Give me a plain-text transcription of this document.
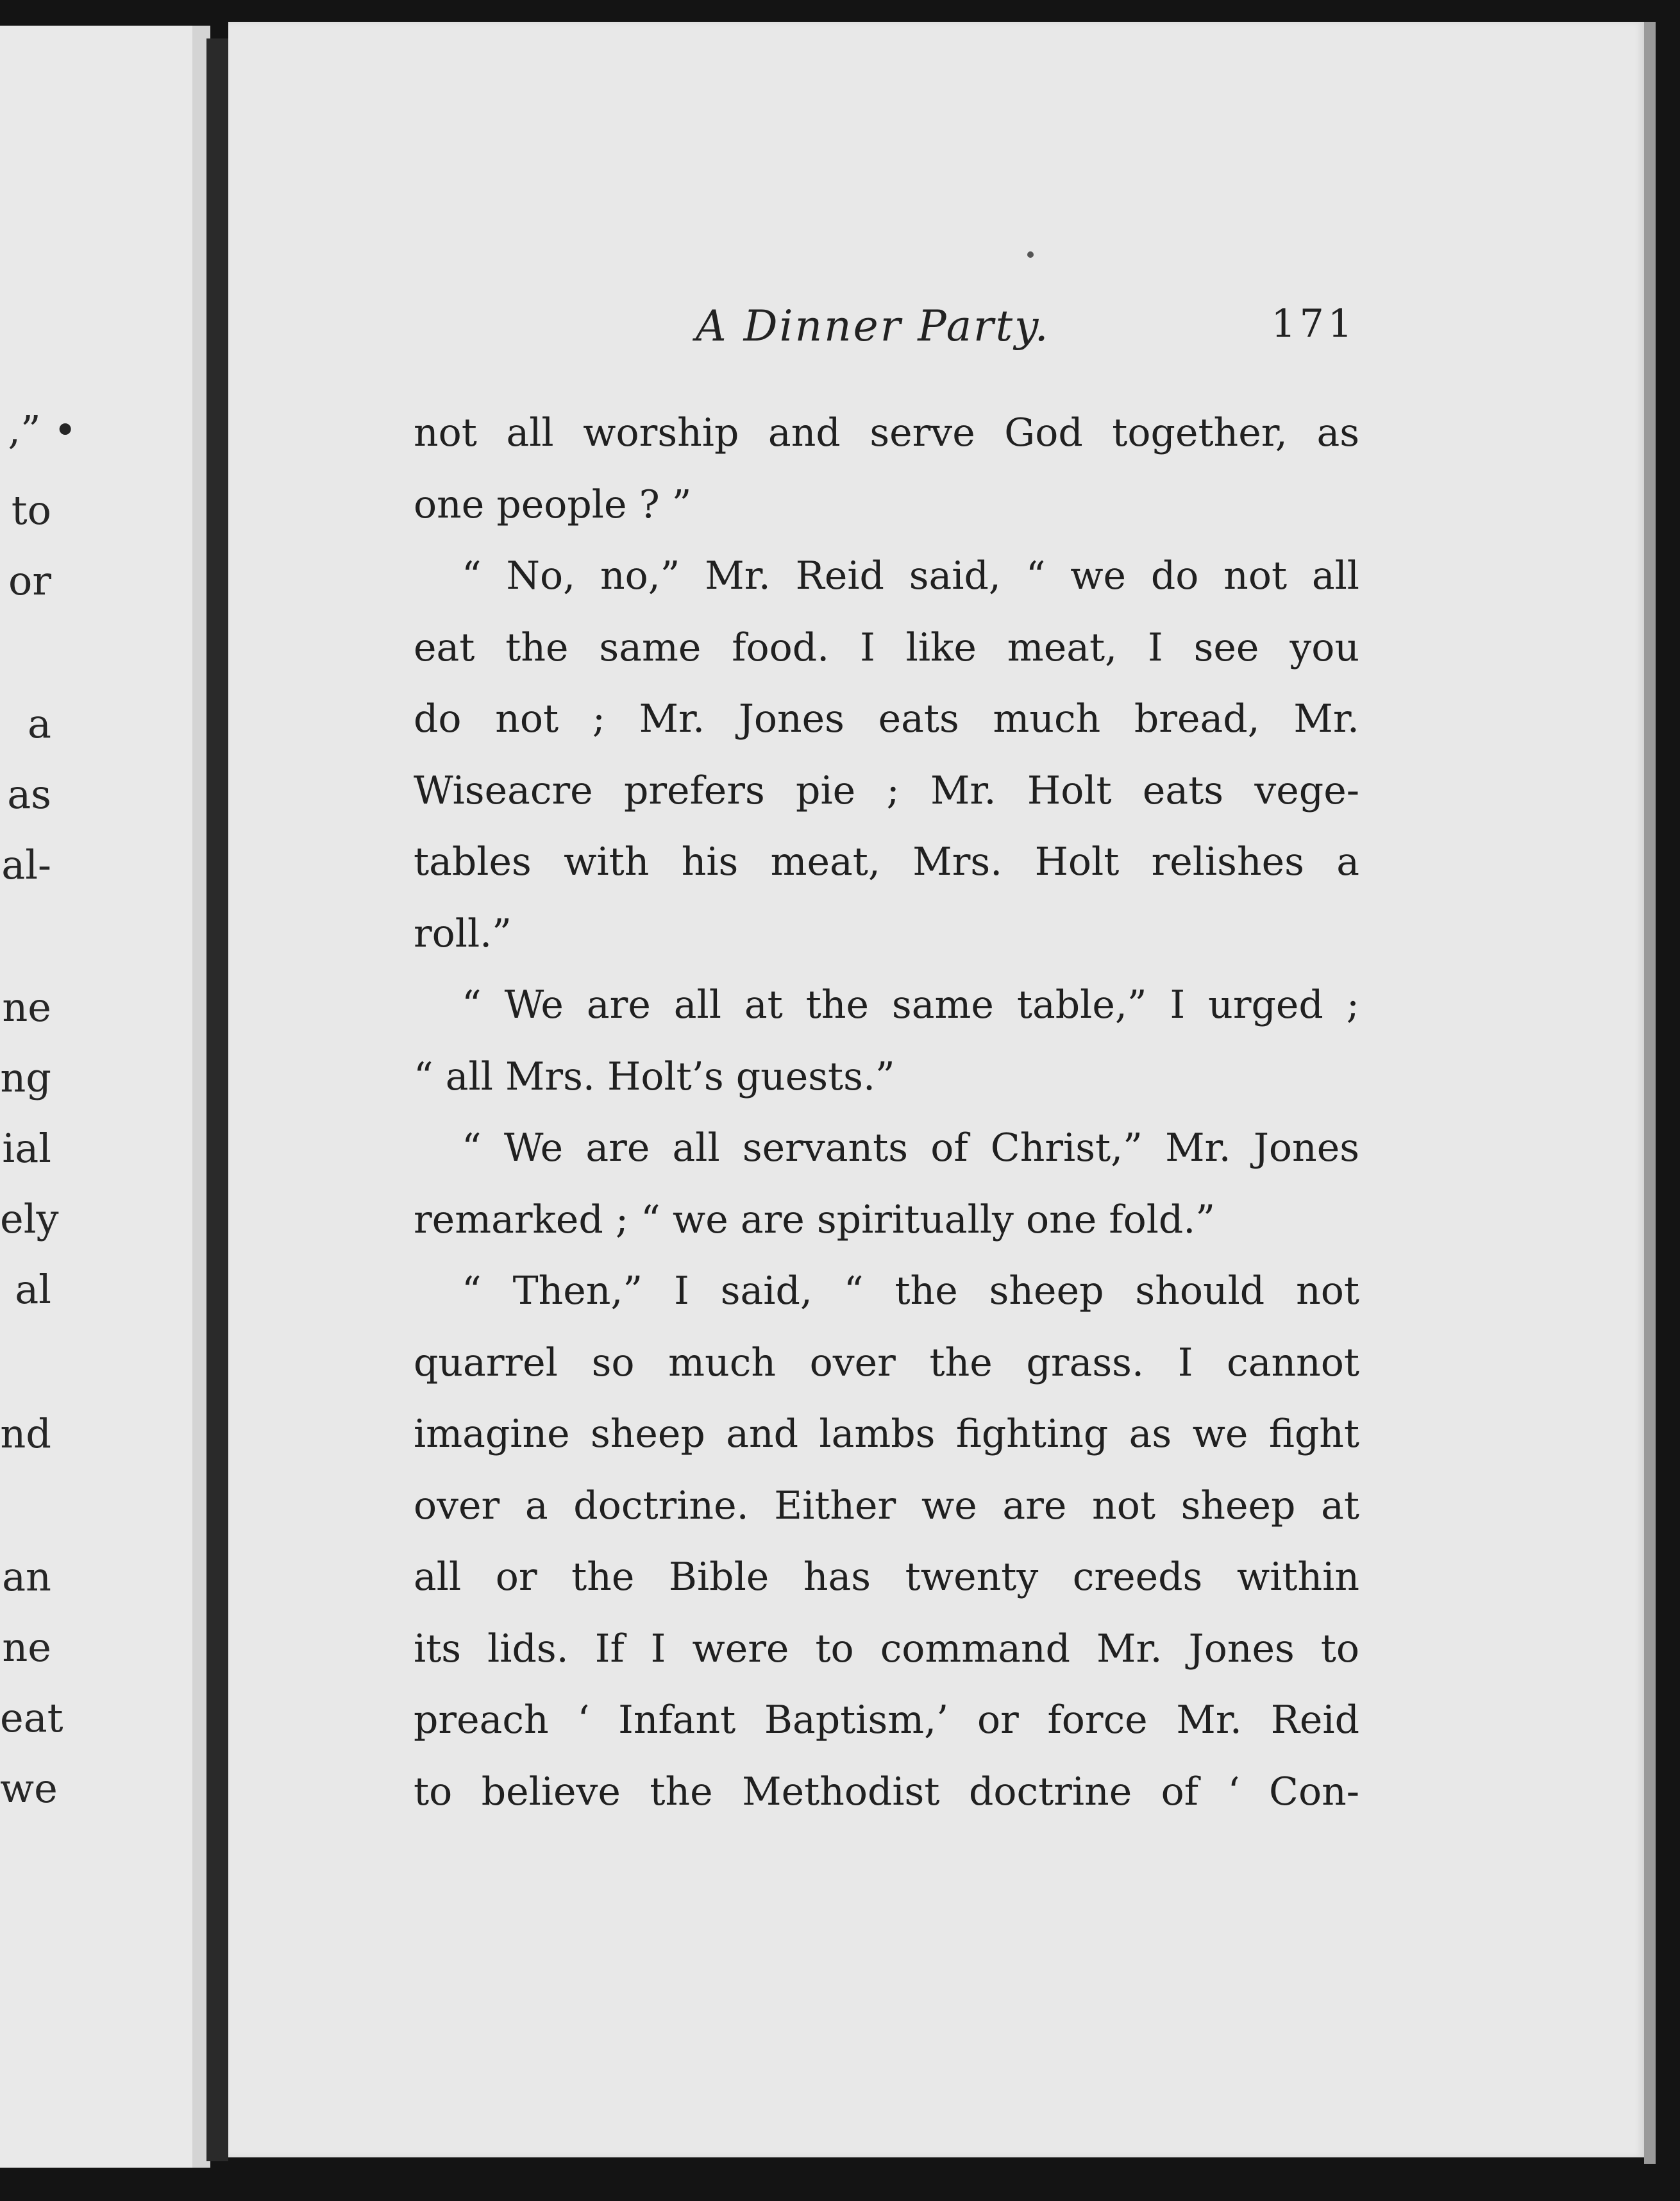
,” •
to
or
a
as
al-
ne
ng
ial
ely
al
nd
an
ne
eat
we
A Dinner Party.	171
not all worship and serve God together, as
one people ? ”
“ No, no,” Mr. Reid said, “ we do not all
eat the same food. I like meat, I see you
do not ; Mr. Jones eats much bread, Mr.
Wiseacre prefers pie ; Mr. Holt eats vege-
tables with his meat, Mrs. Holt relishes a
roll.”
“ We are all at the same table,” I urged ;
“ all Mrs. Holt’s guests.”
“ We are all servants of Christ,” Mr. Jones
remarked ; “ we are spiritually one fold.”
“ Then,” I said, “ the sheep should not
quarrel so much over the grass. I cannot
imagine sheep and lambs fighting as we fight
over a doctrine. Either we are not sheep at
all or the Bible has twenty creeds within
its lids. If I were to command Mr. Jones to
preach ‘ Infant Baptism,’ or force Mr. Reid
to believe the Methodist doctrine of ‘ Con-
